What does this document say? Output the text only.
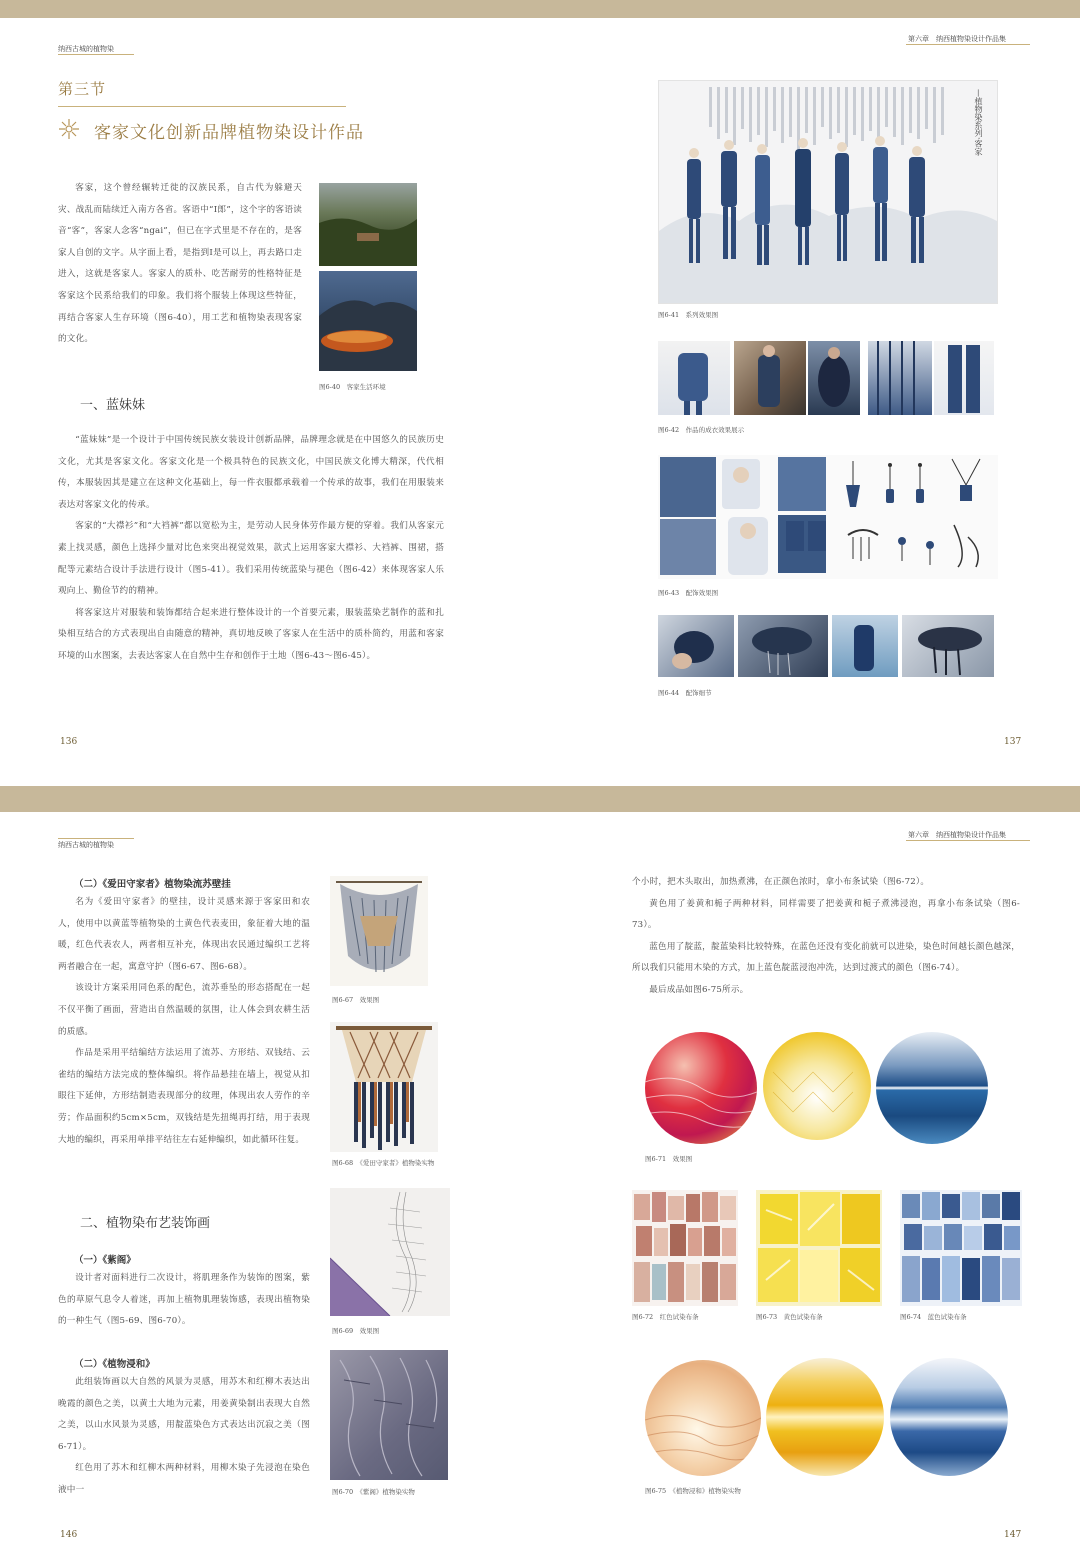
纳西古城的植物染
第三节
客家文化创新品牌植物染设计作品

客家，这个曾经辗转迁徙的汉族民系，自古代为躲避天灾、战乱而陆续迁入南方各省。客语中“Ⅰ郎”，这个字的客语读音“客”，客家人念客“ngai”，但已在字式里是不存在的，是客家人自创的文字。从字面上看，是指到Ⅰ是可以上，再去路口走进入，这就是客家人。客家人的质朴、吃苦耐劳的性格特征是客家这个民系给我们的印象。我们将个服装上体现这些特征，再结合客家人生存环境（图6-40），用工艺和植物染表现客家的文化。

图6-40　客家生活环境
一、蓝妹妹

“蓝妹妹”是一个设计于中国传统民族女装设计创新品牌，品牌理念就是在中国悠久的民族历史文化，尤其是客家文化。客家文化是一个极具特色的民族文化，中国民族文化博大精深，代代相传，本服装因其是建立在这种文化基础上，每一件衣服都承载着一个传承的故事，我们在用服装来表达对客家文化的传承。

客家的“大襟衫”和“大裆裤”都以宽松为主，是劳动人民身体劳作最方便的穿着。我们从客家元素上找灵感，颜色上选择少量对比色来突出视觉效果，款式上运用客家大襟衫、大裆裤、围裙，搭配等元素结合设计手法进行设计（图5-41）。我们采用传统蓝染与褪色（图6-42）来体现客家人乐观向上、勤俭节约的精神。

将客家这片对服装和装饰都结合起来进行整体设计的一个首要元素，服装蓝染艺制作的蓝和扎染相互结合的方式表现出自由随意的精神，真切地反映了客家人在生活中的质朴简约，用蓝和客家环境的山水图案，去表达客家人在自然中生存和创作于土地（图6-43～图6-45）。

136
第六章　纳西植物染设计作品集
—植物染系列·客家
图6-41　系列效果图
图6-42　作品的成衣效果展示
图6-43　配饰效果图
图6-44　配饰细节
137
纳西古城的植物染
（二）《爱田守家者》植物染流苏壁挂

名为《爱田守家者》的壁挂，设计灵感来源于客家田和农人，使用中以黄蓝等植物染的土黄色代表麦田，象征着大地的温暖，红色代表农人，两者相互补充，体现出农民通过编织工艺将两者融合在一起，寓意守护（图6-67、图6-68）。

该设计方案采用同色系的配色，流苏垂坠的形态搭配在一起不仅平衡了画面，营造出自然温暖的氛围，让人体会到农耕生活的质感。

作品是采用平结编结方法运用了流苏、方形结、双钱结、云雀结的编结方法完成的整体编织。将作品悬挂在墙上，视觉从扣眼往下延伸，方形结制造表现部分的纹理，体现出农人劳作的辛劳；作品面积约5cm×5cm，双钱结是先扭绳再打结，用于表现大地的编织，再采用单排平结往左右延伸编织，如此循环往复。

图6-67　效果图
图6-68　《爱田守家者》植物染实物
二、植物染布艺装饰画
（一）《紫阁》

设计者对面料进行二次设计，将肌理条作为装饰的图案，紫色的草原气息令人着迷，再加上植物肌理装饰感，表现出植物染的一种生气（图5-69、图6-70）。

图6-69　效果图
（二）《植物浸和》

此组装饰画以大自然的风景为灵感，用苏木和红柳木表达出晚霞的颜色之美，以黄土大地为元素，用姜黄染制出表现大自然之美，以山水风景为灵感，用靛蓝染色方式表达出沉寂之美（图6-71）。

红色用了苏木和红柳木两种材料，用柳木染子先浸泡在染色液中一	图6-70　《紫阁》植物染实物
146
第六章　纳西植物染设计作品集

个小时，把木头取出，加热煮沸，在正颜色浓时，拿小布条试染（图6-72）。

黄色用了姜黄和栀子两种材料，同样需要了把姜黄和栀子煮沸浸泡，再拿小布条试染（图6-73）。

蓝色用了靛蓝，靛蓝染料比较特殊，在蓝色还没有变化前就可以进染，染色时间越长颜色越深，所以我们只能用木染的方式，加上蓝色靛蓝浸泡冲洗，达到过渡式的颜色（图6-74）。

最后成品如图6-75所示。

图6-71　效果图
图6-72　红色试染布条	图6-73　黄色试染布条	图6-74　蓝色试染布条
图6-75　《植物浸和》植物染实物
147
